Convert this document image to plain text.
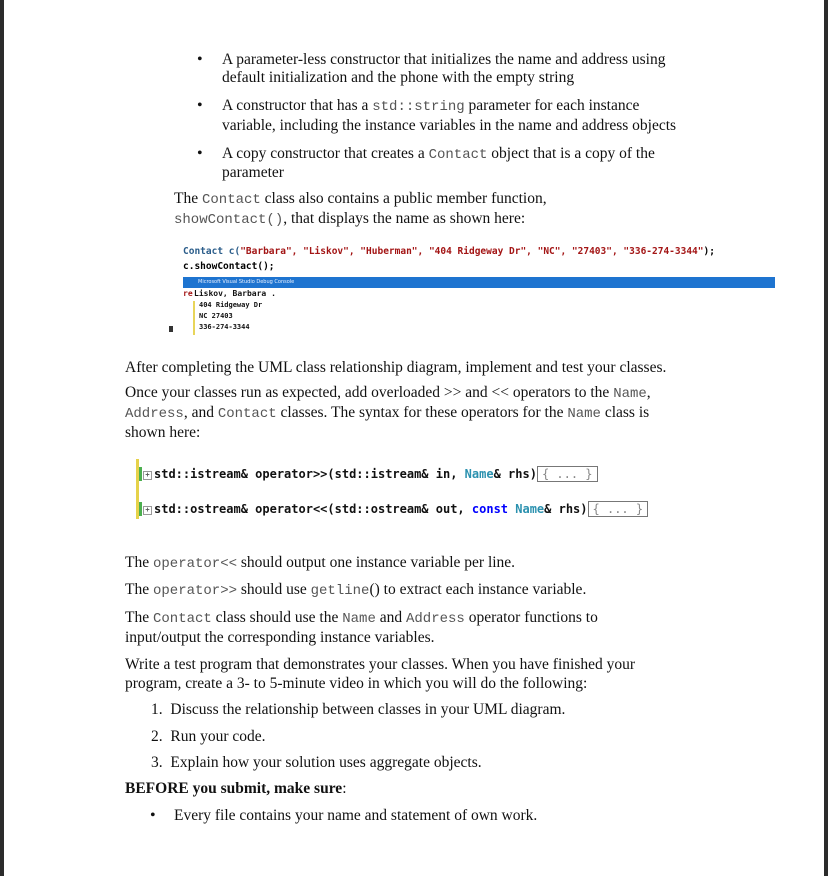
• A parameter-less constructor that initializes the name and address using
default initialization and the phone with the empty string
• A constructor that has a std::string parameter for each instance
variable, including the instance variables in the name and address objects
• A copy constructor that creates a Contact object that is a copy of the
parameter
The Contact class also contains a public member function,
showContact(), that displays the name as shown here:
Contact c("Barbara", "Liskov", "Huberman", "404 Ridgeway Dr", "NC", "27403", "336-274-3344");
c.showContact();
Microsoft Visual Studio Debug Console
re Liskov, Barbara .
404 Ridgeway Dr
NC 27403
336-274-3344
After completing the UML class relationship diagram, implement and test your classes.
Once your classes run as expected, add overloaded >> and << operators to the Name,
Address, and Contact classes. The syntax for these operators for the Name class is
shown here:
+ std::istream& operator>>(std::istream& in, Name& rhs) { ... }
+ std::ostream& operator<<(std::ostream& out, const Name& rhs) { ... }
The operator<< should output one instance variable per line.
The operator>> should use getline() to extract each instance variable.
The Contact class should use the Name and Address operator functions to
input/output the corresponding instance variables.
Write a test program that demonstrates your classes. When you have finished your
program, create a 3- to 5-minute video in which you will do the following:
1. Discuss the relationship between classes in your UML diagram.
2. Run your code.
3. Explain how your solution uses aggregate objects.
BEFORE you submit, make sure:
• Every file contains your name and statement of own work.
